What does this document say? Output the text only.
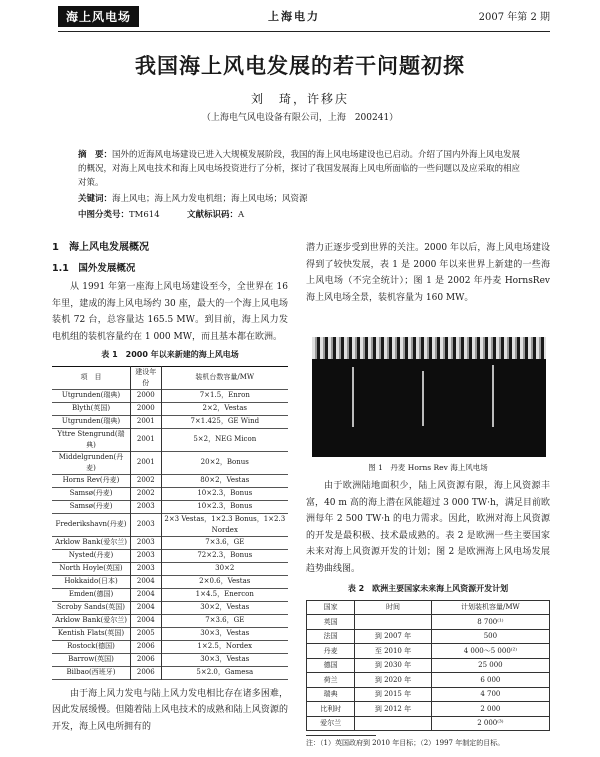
海上风电场	上海电力	2007 年第 2 期
我国海上风电发展的若干问题初探
刘　琦，许移庆
（上海电气风电设备有限公司，上海　200241）
摘　要：国外的近海风电场建设已进入大规模发展阶段，我国的海上风电场建设也已启动。介绍了国内外海上风电发展的概况，对海上风电技术和海上风电场投资进行了分析，探讨了我国发展海上风电所面临的一些问题以及应采取的相应对策。
关键词：海上风电；海上风力发电机组；海上风电场；风资源
中图分类号：TM614	文献标识码：A
1　海上风电发展概况
1.1　国外发展概况

从 1991 年第一座海上风电场建设至今，全世界在 16 年里，建成的海上风电场约 30 座，最大的一个海上风电场装机 72 台，总容量达 165.5 MW。到目前，海上风力发电机组的装机容量约在 1 000 MW，而且基本都在欧洲。

表 1　2000 年以来新建的海上风电场
项　目	建设年份	装机台数容量/MW
Utgrunden(瑞典)	2000	7×1.5，Enron
Blyth(英国)	2000	2×2，Vestas
Utgrunden(瑞典)	2001	7×1.425，GE Wind
Yttre Stengrund(瑞典)	2001	5×2，NEG Micon
Middelgrunden(丹麦)	2001	20×2，Bonus
Horns Rev(丹麦)	2002	80×2，Vestas
Samsø(丹麦)	2002	10×2.3，Bonus
Samsø(丹麦)	2003	10×2.3，Bonus
Frederikshavn(丹麦)	2003	2×3 Vestas，1×2.3 Bonus，1×2.3 Nordex
Arklow Bank(爱尔兰)	2003	7×3.6，GE
Nysted(丹麦)	2003	72×2.3，Bonus
North Hoyle(英国)	2003	30×2
Hokkaido(日本)	2004	2×0.6，Vestas
Emden(德国)	2004	1×4.5，Enercon
Scroby Sands(英国)	2004	30×2，Vestas
Arklow Bank(爱尔兰)	2004	7×3.6，GE
Kentish Flats(英国)	2005	30×3，Vestas
Rostock(德国)	2006	1×2.5，Nordex
Barrow(英国)	2006	30×3，Vestas
Bilbao(西班牙)	2006	5×2.0，Gamesa

由于海上风力发电与陆上风力发电相比存在诸多困难，因此发展缓慢。但随着陆上风电技术的成熟和陆上风资源的开发，海上风电所拥有的

潜力正逐步受到世界的关注。2000 年以后，海上风电场建设得到了较快发展，表 1 是 2000 年以来世界上新建的一些海上风电场（不完全统计）；图 1 是 2002 年丹麦 HornsRev 海上风电场全景，装机容量为 160 MW。

图 1　丹麦 Horns Rev 海上风电场

由于欧洲陆地面积少，陆上风资源有限，海上风资源丰富，40 m 高的海上潜在风能超过 3 000 TW·h，满足目前欧洲每年 2 500 TW·h 的电力需求。因此，欧洲对海上风资源的开发是最积极、技术最成熟的。表 2 是欧洲一些主要国家未来对海上风资源开发的计划；图 2 是欧洲海上风电场发展趋势曲线图。

表 2　欧洲主要国家未来海上风资源开发计划
国家	时间	计划装机容量/MW
英国		8 700⁽¹⁾
法国	到 2007 年	500
丹麦	至 2010 年	4 000～5 000⁽²⁾
德国	到 2030 年	25 000
荷兰	到 2020 年	6 000
瑞典	到 2015 年	4 700
比利时	到 2012 年	2 000
爱尔兰		2 000⁽³⁾
注：（1）英国政府到 2010 年目标；（2）1997 年制定的目标。
